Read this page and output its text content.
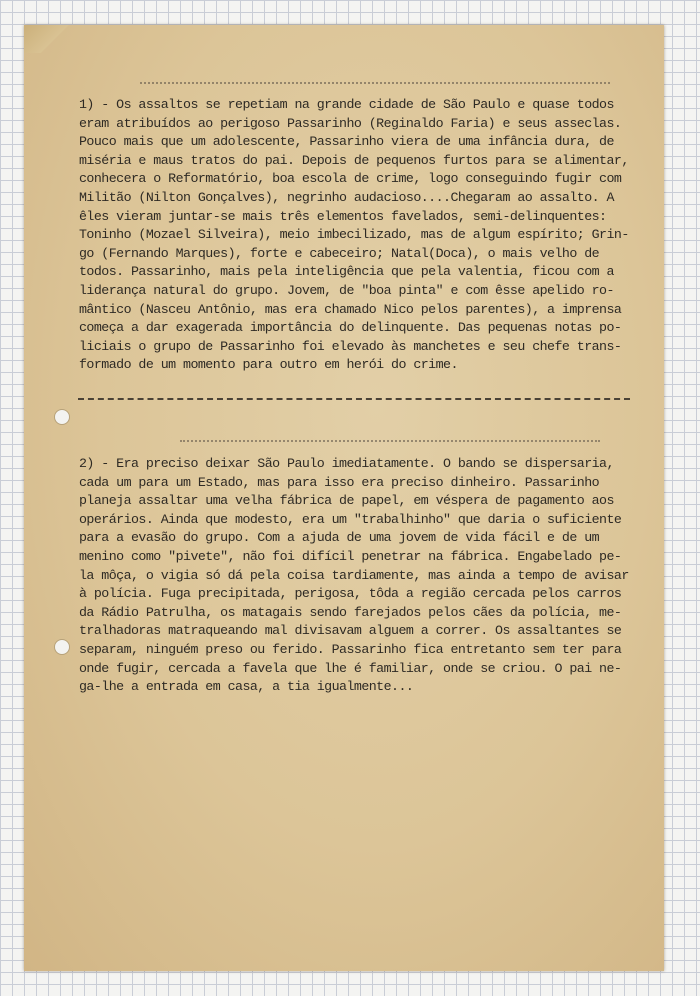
1) - Os assaltos se repetiam na grande cidade de São Paulo e quase todos
eram atribuídos ao perigoso Passarinho (Reginaldo Faria) e seus asseclas.
Pouco mais que um adolescente, Passarinho viera de uma infância dura, de
miséria e maus tratos do pai. Depois de pequenos furtos para se alimentar,
conhecera o Reformatório, boa escola de crime, logo conseguindo fugir com
Militão (Nilton Gonçalves), negrinho audacioso....Chegaram ao assalto. A
êles vieram juntar-se mais três elementos favelados, semi-delinquentes:
Toninho (Mozael Silveira), meio imbecilizado, mas de algum espírito; Grin-
go (Fernando Marques), forte e cabeceiro; Natal(Doca), o mais velho de
todos. Passarinho, mais pela inteligência que pela valentia, ficou com a
liderança natural do grupo. Jovem, de "boa pinta" e com êsse apelido ro-
mântico (Nasceu Antônio, mas era chamado Nico pelos parentes), a imprensa
começa a dar exagerada importância do delinquente. Das pequenas notas po-
liciais o grupo de Passarinho foi elevado às manchetes e seu chefe trans-
formado de um momento para outro em herói do crime.

2) - Era preciso deixar São Paulo imediatamente. O bando se dispersaria,
cada um para um Estado, mas para isso era preciso dinheiro. Passarinho
planeja assaltar uma velha fábrica de papel, em véspera de pagamento aos
operários. Ainda que modesto, era um "trabalhinho" que daria o suficiente
para a evasão do grupo. Com a ajuda de uma jovem de vida fácil e de um
menino como "pivete", não foi difícil penetrar na fábrica. Engabelado pe-
la môça, o vigia só dá pela coisa tardiamente, mas ainda a tempo de avisar
à polícia. Fuga precipitada, perigosa, tôda a região cercada pelos carros
da Rádio Patrulha, os matagais sendo farejados pelos cães da polícia, me-
tralhadoras matraqueando mal divisavam alguem a correr. Os assaltantes se
separam, ninguém preso ou ferido. Passarinho fica entretanto sem ter para
onde fugir, cercada a favela que lhe é familiar, onde se criou. O pai ne-
ga-lhe a entrada em casa, a tia igualmente...
